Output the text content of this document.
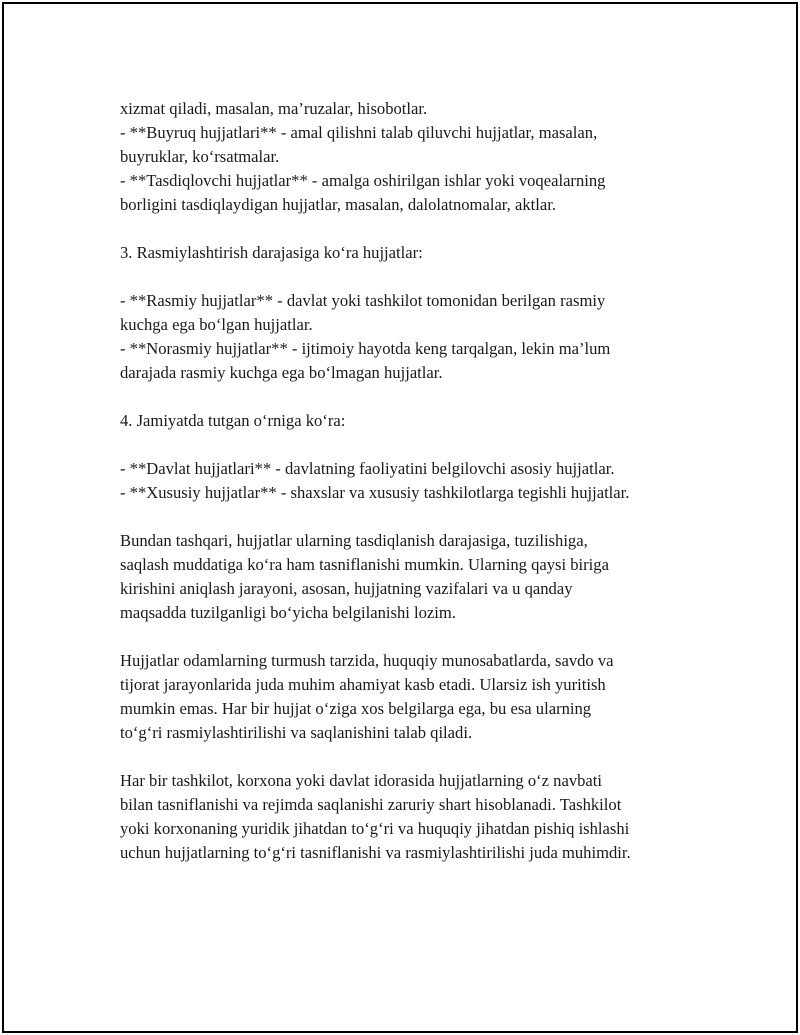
xizmat qiladi, masalan, ma’ruzalar, hisobotlar.
- **Buyruq hujjatlari** - amal qilishni talab qiluvchi hujjatlar, masalan,
buyruklar, ko‘rsatmalar.
- **Tasdiqlovchi hujjatlar** - amalga oshirilgan ishlar yoki voqealarning
borligini tasdiqlaydigan hujjatlar, masalan, dalolatnomalar, aktlar.
3. Rasmiylashtirish darajasiga ko‘ra hujjatlar:
- **Rasmiy hujjatlar** - davlat yoki tashkilot tomonidan berilgan rasmiy
kuchga ega bo‘lgan hujjatlar.
- **Norasmiy hujjatlar** - ijtimoiy hayotda keng tarqalgan, lekin ma’lum
darajada rasmiy kuchga ega bo‘lmagan hujjatlar.
4. Jamiyatda tutgan o‘rniga ko‘ra:
- **Davlat hujjatlari** - davlatning faoliyatini belgilovchi asosiy hujjatlar.
- **Xususiy hujjatlar** - shaxslar va xususiy tashkilotlarga tegishli hujjatlar.
Bundan tashqari, hujjatlar ularning tasdiqlanish darajasiga, tuzilishiga,
saqlash muddatiga ko‘ra ham tasniflanishi mumkin. Ularning qaysi biriga
kirishini aniqlash jarayoni, asosan, hujjatning vazifalari va u qanday
maqsadda tuzilganligi bo‘yicha belgilanishi lozim.
Hujjatlar odamlarning turmush tarzida, huquqiy munosabatlarda, savdo va
tijorat jarayonlarida juda muhim ahamiyat kasb etadi. Ularsiz ish yuritish
mumkin emas. Har bir hujjat o‘ziga xos belgilarga ega, bu esa ularning
to‘g‘ri rasmiylashtirilishi va saqlanishini talab qiladi.
Har bir tashkilot, korxona yoki davlat idorasida hujjatlarning o‘z navbati
bilan tasniflanishi va rejimda saqlanishi zaruriy shart hisoblanadi. Tashkilot
yoki korxonaning yuridik jihatdan to‘g‘ri va huquqiy jihatdan pishiq ishlashi
uchun hujjatlarning to‘g‘ri tasniflanishi va rasmiylashtirilishi juda muhimdir.
